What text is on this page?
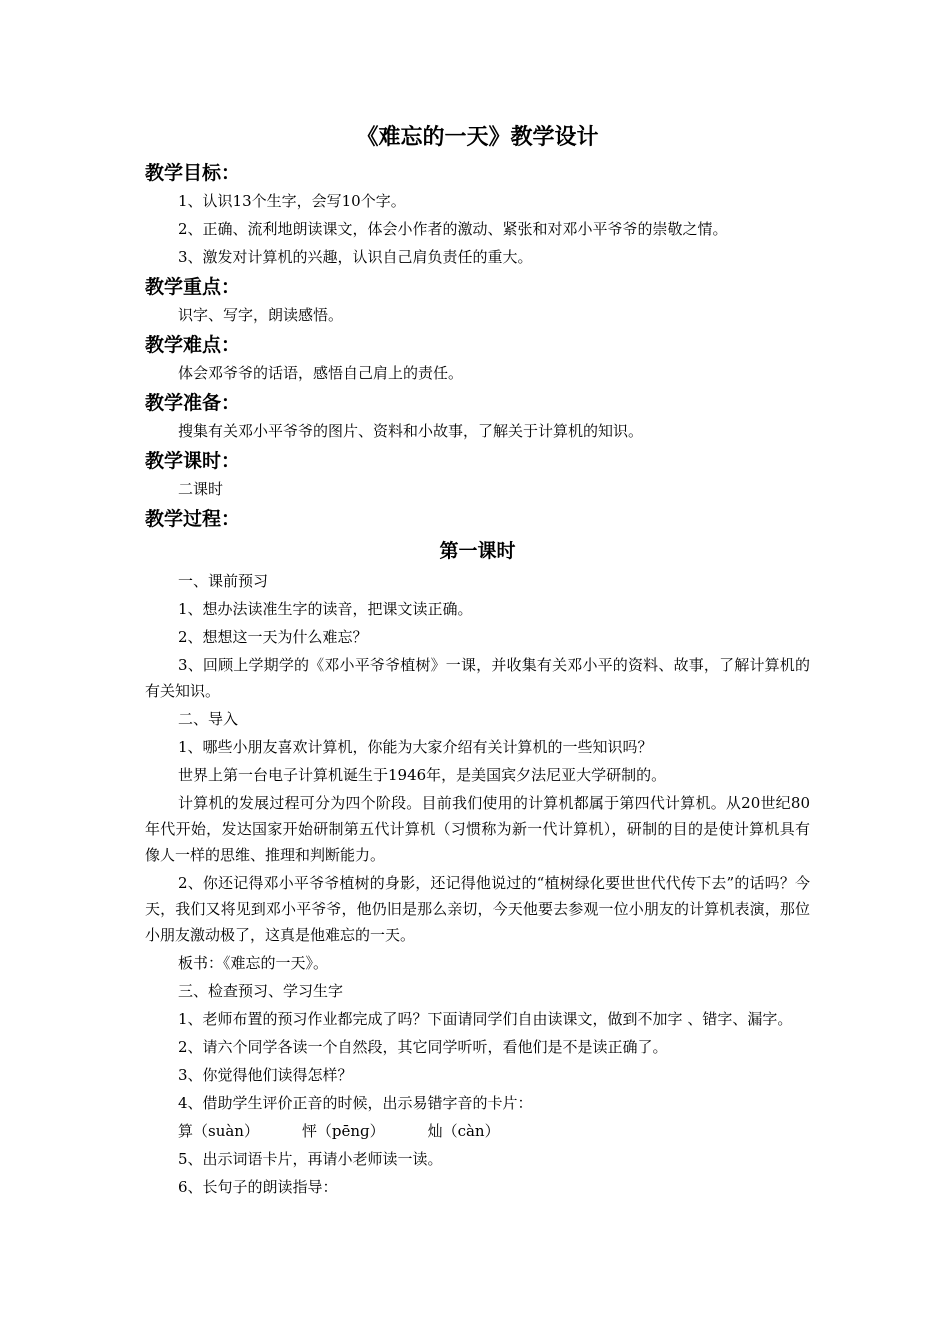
《难忘的一天》教学设计
教学目标：

1、认识13个生字，会写10个字。

2、正确、流利地朗读课文，体会小作者的激动、紧张和对邓小平爷爷的崇敬之情。

3、激发对计算机的兴趣，认识自己肩负责任的重大。

教学重点：

识字、写字，朗读感悟。

教学难点：

体会邓爷爷的话语，感悟自己肩上的责任。

教学准备：

搜集有关邓小平爷爷的图片、资料和小故事，了解关于计算机的知识。

教学课时：

二课时

教学过程：
第一课时

一、课前预习

1、想办法读准生字的读音，把课文读正确。

2、想想这一天为什么难忘？

3、回顾上学期学的《邓小平爷爷植树》一课，并收集有关邓小平的资料、故事，了解计算机的有关知识。

二、导入

1、哪些小朋友喜欢计算机，你能为大家介绍有关计算机的一些知识吗？

世界上第一台电子计算机诞生于1946年，是美国宾夕法尼亚大学研制的。

计算机的发展过程可分为四个阶段。目前我们使用的计算机都属于第四代计算机。从20世纪80年代开始，发达国家开始研制第五代计算机（习惯称为新一代计算机），研制的目的是使计算机具有像人一样的思维、推理和判断能力。

2、你还记得邓小平爷爷植树的身影，还记得他说过的“植树绿化要世世代代传下去”的话吗？今天，我们又将见到邓小平爷爷，他仍旧是那么亲切，今天他要去参观一位小朋友的计算机表演，那位小朋友激动极了，这真是他难忘的一天。

板书：《难忘的一天》。

三、检查预习、学习生字

1、老师布置的预习作业都完成了吗？下面请同学们自由读课文，做到不加字 、错字、漏字。

2、请六个同学各读一个自然段，其它同学听听，看他们是不是读正确了。

3、你觉得他们读得怎样？

4、借助学生评价正音的时候，出示易错字音的卡片：

算（suàn）	怦（pēnɡ）	灿（càn）

5、出示词语卡片，再请小老师读一读。

6、长句子的朗读指导：
